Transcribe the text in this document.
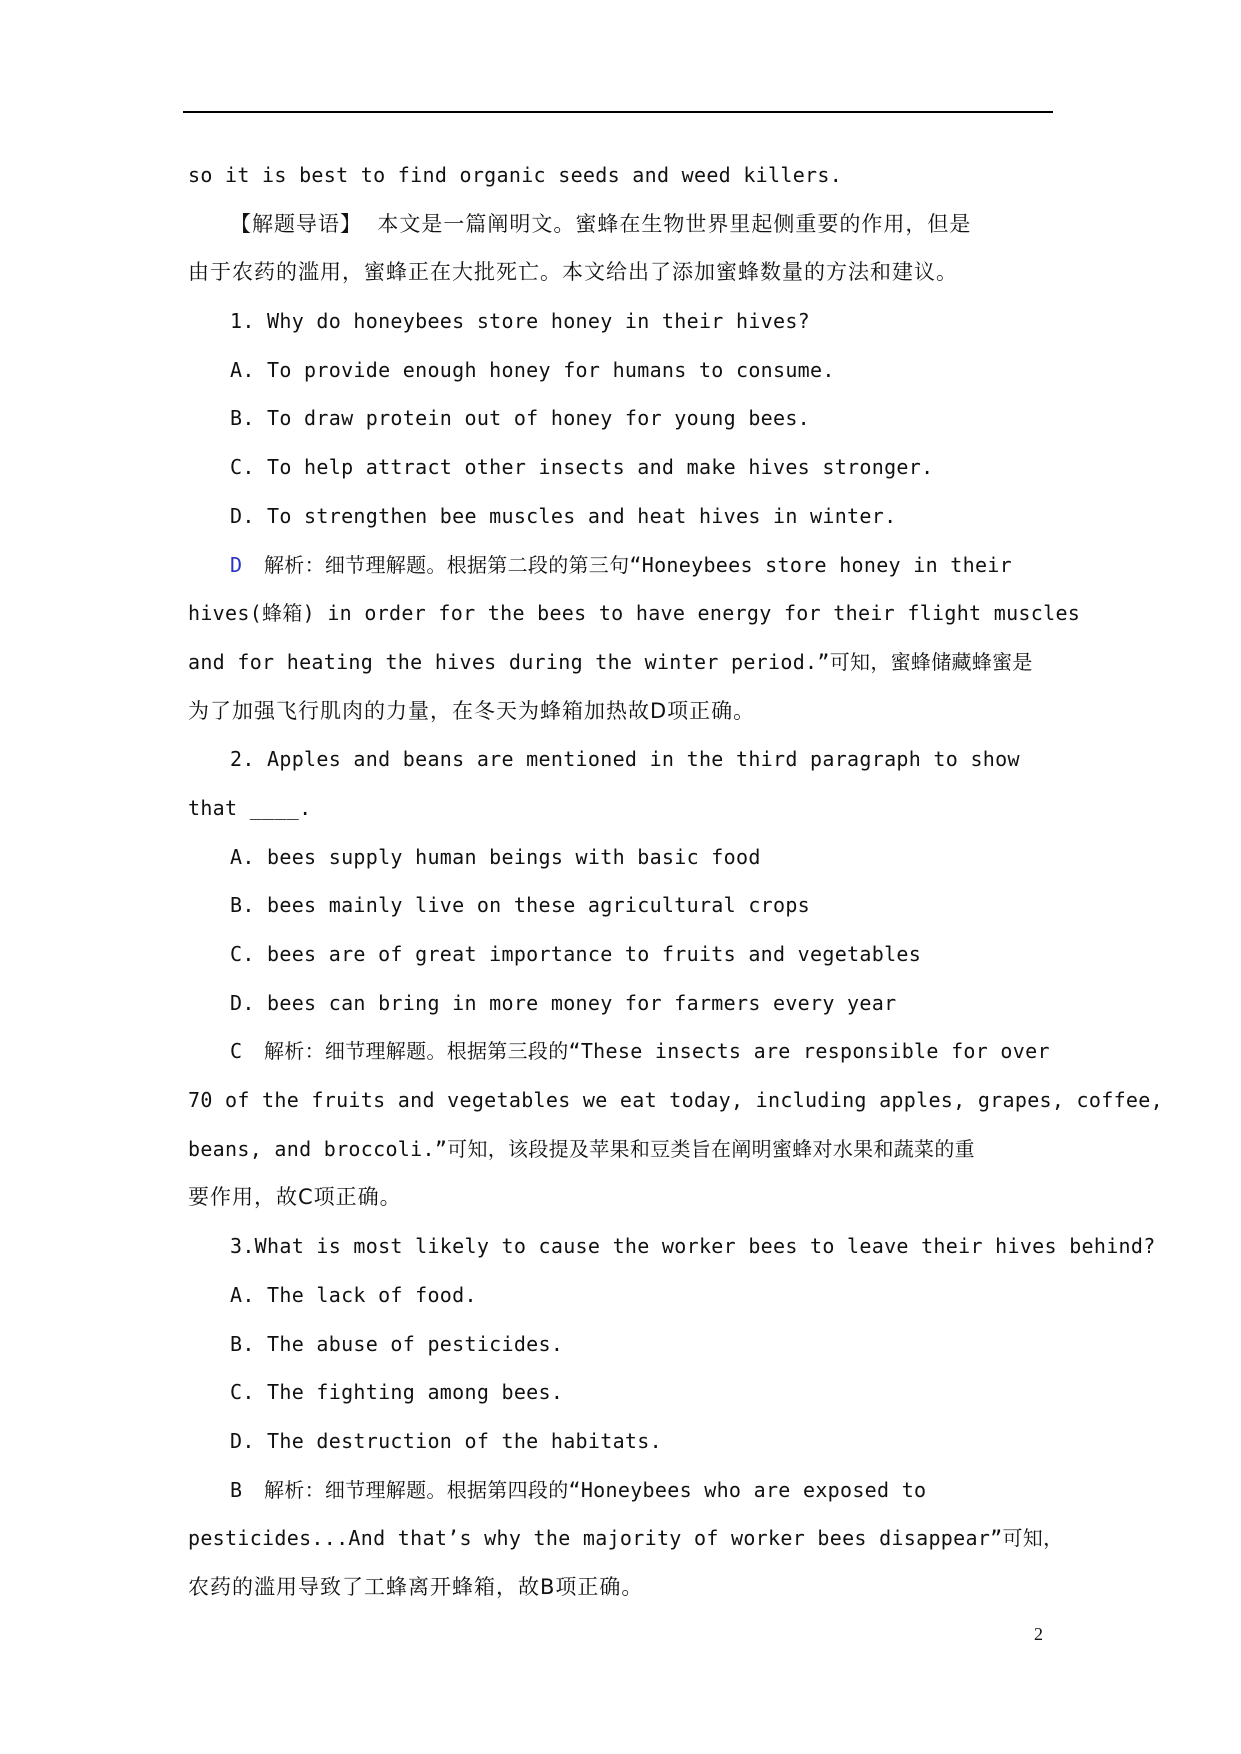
so it is best to find organic seeds and weed killers.
【解题导语】 本文是一篇阐明文。蜜蜂在生物世界里起侧重要的作用，但是
由于农药的滥用，蜜蜂正在大批死亡。本文给出了添加蜜蜂数量的方法和建议。
1. Why do honeybees store honey in their hives?
A. To provide enough honey for humans to consume.
B. To draw protein out of honey for young bees.
C. To help attract other insects and make hives stronger.
D. To strengthen bee muscles and heat hives in winter.
D 解析：细节理解题。根据第二段的第三句“Honeybees store honey in their
hives(蜂箱) in order for the bees to have energy for their flight muscles
and for heating the hives during the winter period.”可知，蜜蜂储藏蜂蜜是
为了加强飞行肌肉的力量，在冬天为蜂箱加热故D项正确。
2. Apples and beans are mentioned in the third paragraph to show
that ____.
A. bees supply human beings with basic food
B. bees mainly live on these agricultural crops
C. bees are of great importance to fruits and vegetables
D. bees can bring in more money for farmers every year
C 解析：细节理解题。根据第三段的“These insects are responsible for over
70 of the fruits and vegetables we eat today, including apples, grapes, coffee,
beans, and broccoli.”可知，该段提及苹果和豆类旨在阐明蜜蜂对水果和蔬菜的重
要作用，故C项正确。
3.What is most likely to cause the worker bees to leave their hives behind?
A. The lack of food.
B. The abuse of pesticides.
C. The fighting among bees.
D. The destruction of the habitats.
B 解析：细节理解题。根据第四段的“Honeybees who are exposed to
pesticides...And that’s why the majority of worker bees disappear”可知，
农药的滥用导致了工蜂离开蜂箱，故B项正确。
2
